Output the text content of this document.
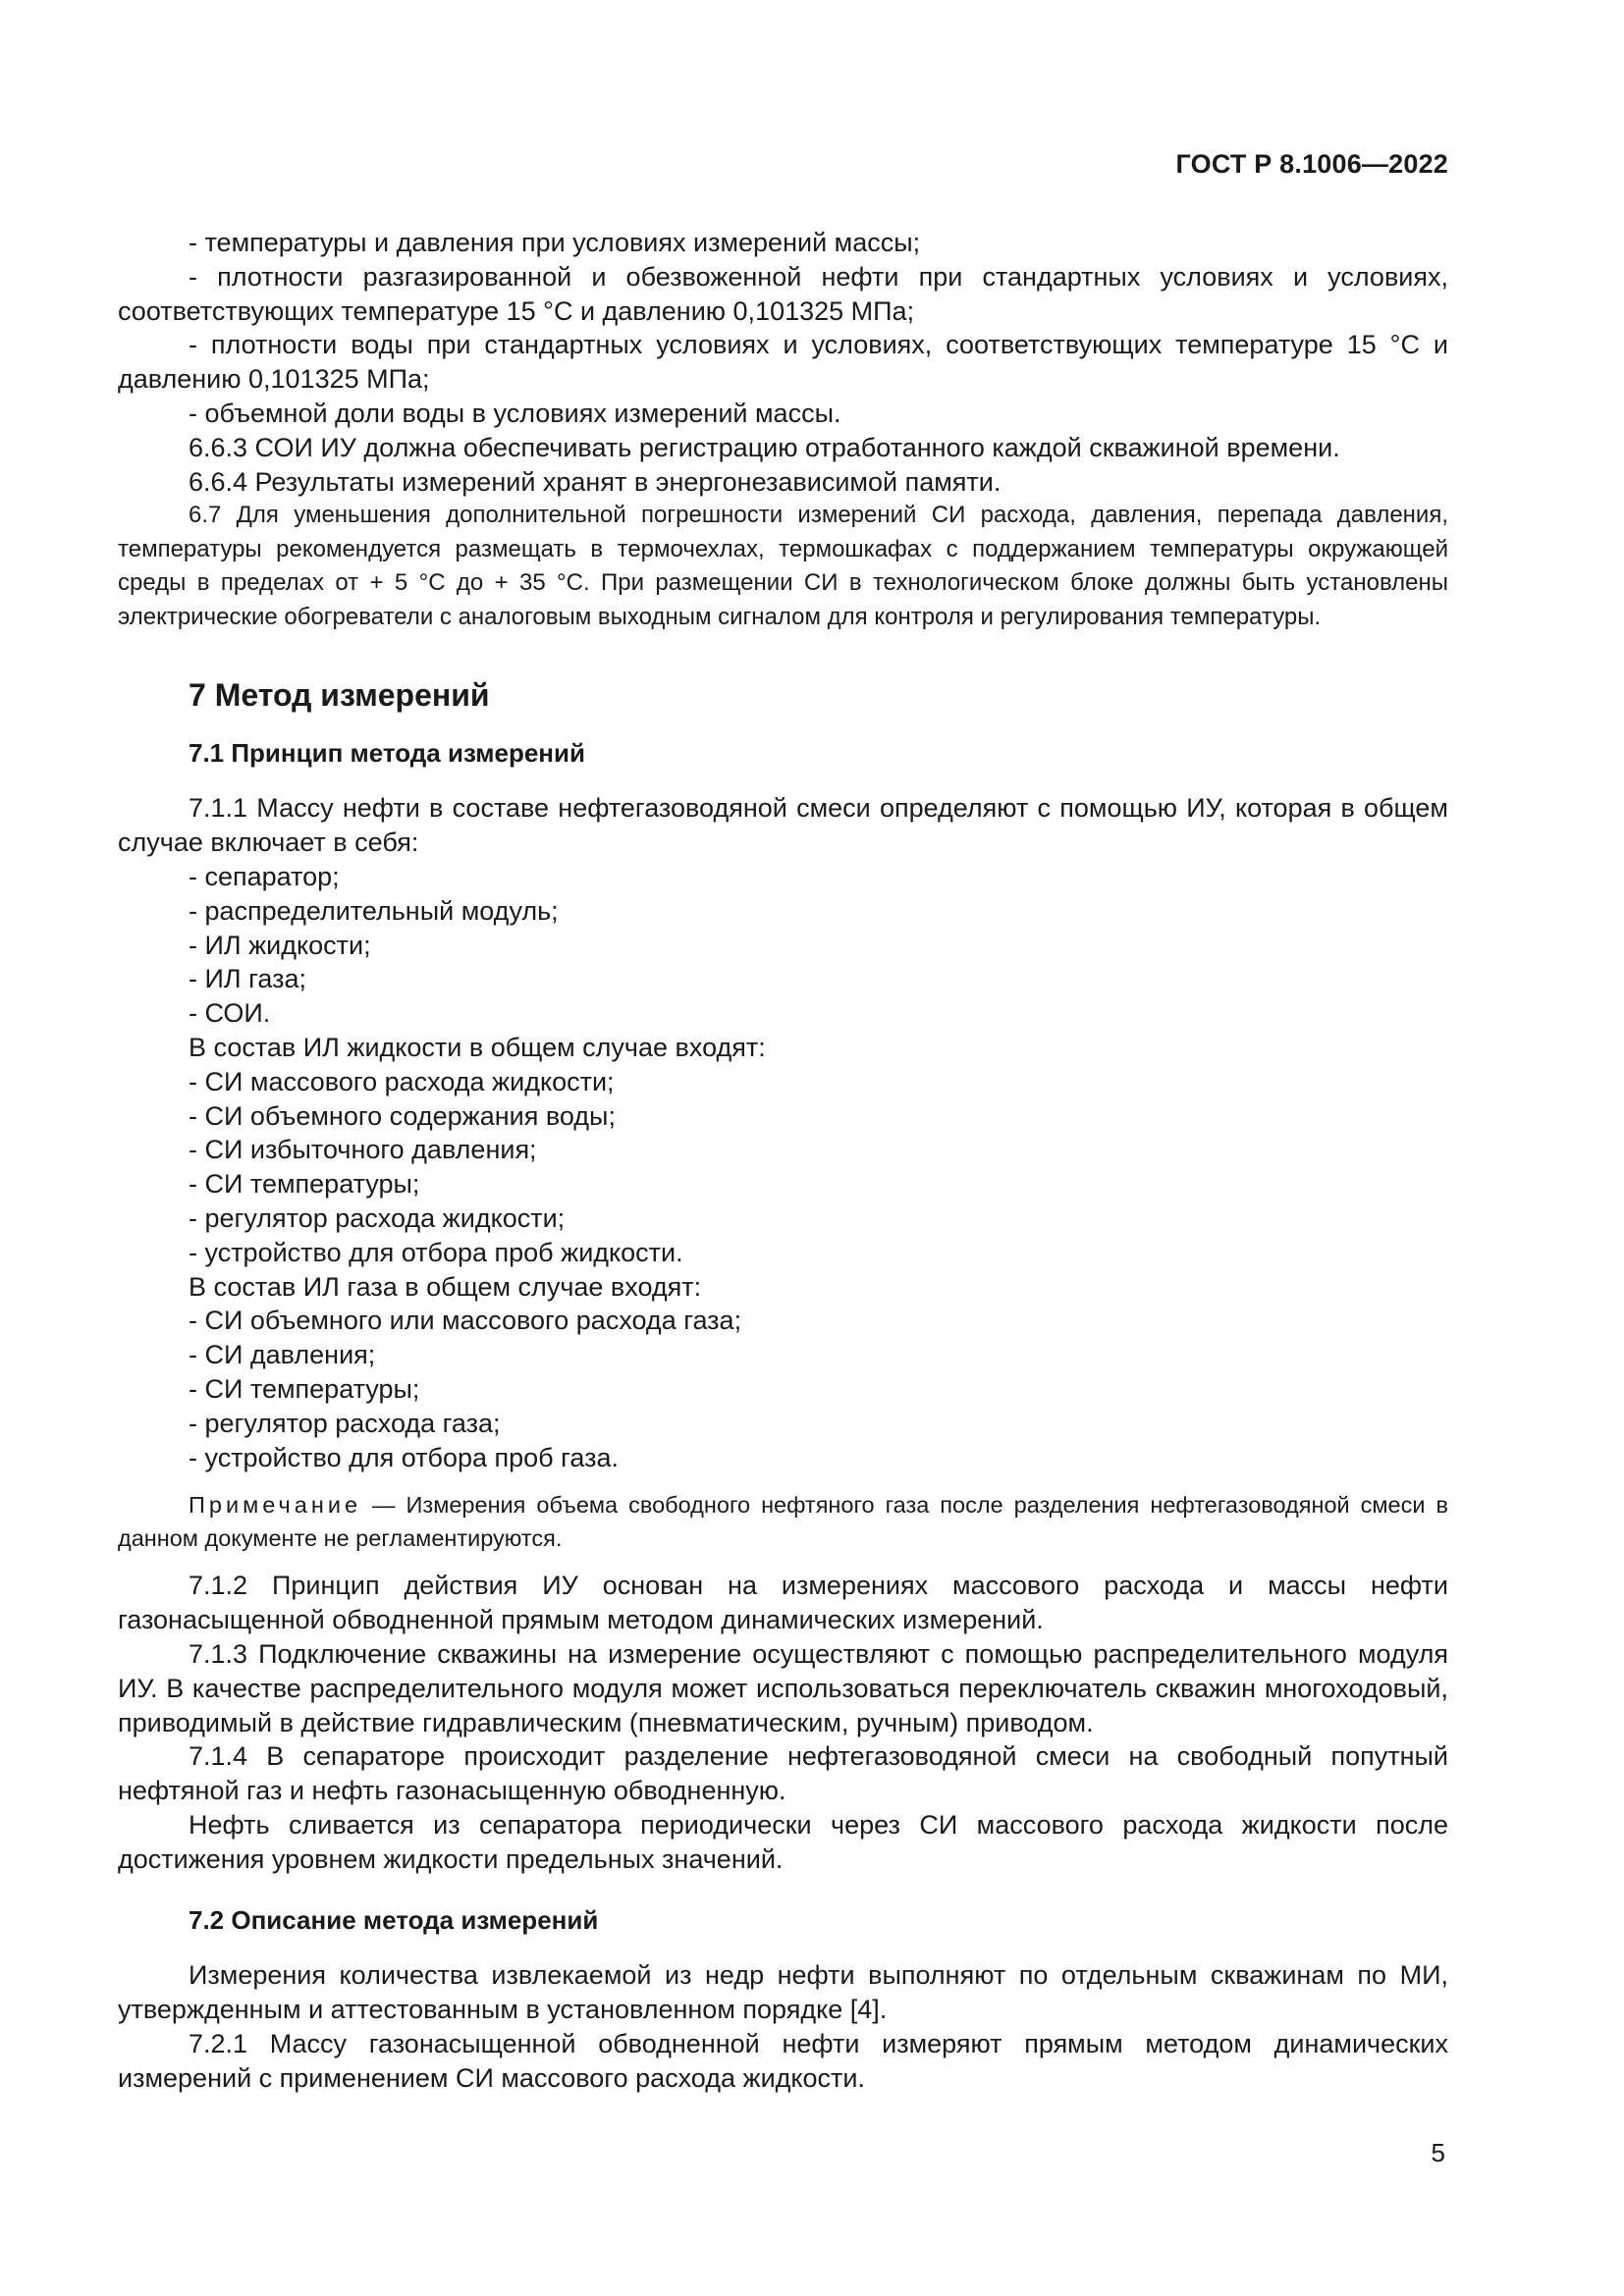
ГОСТ Р 8.1006—2022

- температуры и давления при условиях измерений массы;

- плотности разгазированной и обезвоженной нефти при стандартных условиях и условиях, соответствующих температуре 15 °С и давлению 0,101325 МПа;

- плотности воды при стандартных условиях и условиях, соответствующих температуре 15 °С и давлению 0,101325 МПа;

- объемной доли воды в условиях измерений массы.

6.6.3 СОИ ИУ должна обеспечивать регистрацию отработанного каждой скважиной времени.

6.6.4 Результаты измерений хранят в энергонезависимой памяти.

6.7 Для уменьшения дополнительной погрешности измерений СИ расхода, давления, перепада давления, температуры рекомендуется размещать в термочехлах, термошкафах с поддержанием температуры окружающей среды в пределах от + 5 °С до + 35 °С. При размещении СИ в технологическом блоке должны быть установлены электрические обогреватели с аналоговым выходным сигналом для контроля и регулирования температуры.

7 Метод измерений
7.1 Принцип метода измерений

7.1.1 Массу нефти в составе нефтегазоводяной смеси определяют с помощью ИУ, которая в общем случае включает в себя:

- сепаратор;

- распределительный модуль;

- ИЛ жидкости;

- ИЛ газа;

- СОИ.

В состав ИЛ жидкости в общем случае входят:

- СИ массового расхода жидкости;

- СИ объемного содержания воды;

- СИ избыточного давления;

- СИ температуры;

- регулятор расхода жидкости;

- устройство для отбора проб жидкости.

В состав ИЛ газа в общем случае входят:

- СИ объемного или массового расхода газа;

- СИ давления;

- СИ температуры;

- регулятор расхода газа;

- устройство для отбора проб газа.

Примечание — Измерения объема свободного нефтяного газа после разделения нефтегазоводяной смеси в данном документе не регламентируются.

7.1.2 Принцип действия ИУ основан на измерениях массового расхода и массы нефти газонасыщенной обводненной прямым методом динамических измерений.

7.1.3 Подключение скважины на измерение осуществляют с помощью распределительного модуля ИУ. В качестве распределительного модуля может использоваться переключатель скважин многоходовый, приводимый в действие гидравлическим (пневматическим, ручным) приводом.

7.1.4 В сепараторе происходит разделение нефтегазоводяной смеси на свободный попутный нефтяной газ и нефть газонасыщенную обводненную.

Нефть сливается из сепаратора периодически через СИ массового расхода жидкости после достижения уровнем жидкости предельных значений.

7.2 Описание метода измерений

Измерения количества извлекаемой из недр нефти выполняют по отдельным скважинам по МИ, утвержденным и аттестованным в установленном порядке [4].

7.2.1 Массу газонасыщенной обводненной нефти измеряют прямым методом динамических измерений с применением СИ массового расхода жидкости.

5
